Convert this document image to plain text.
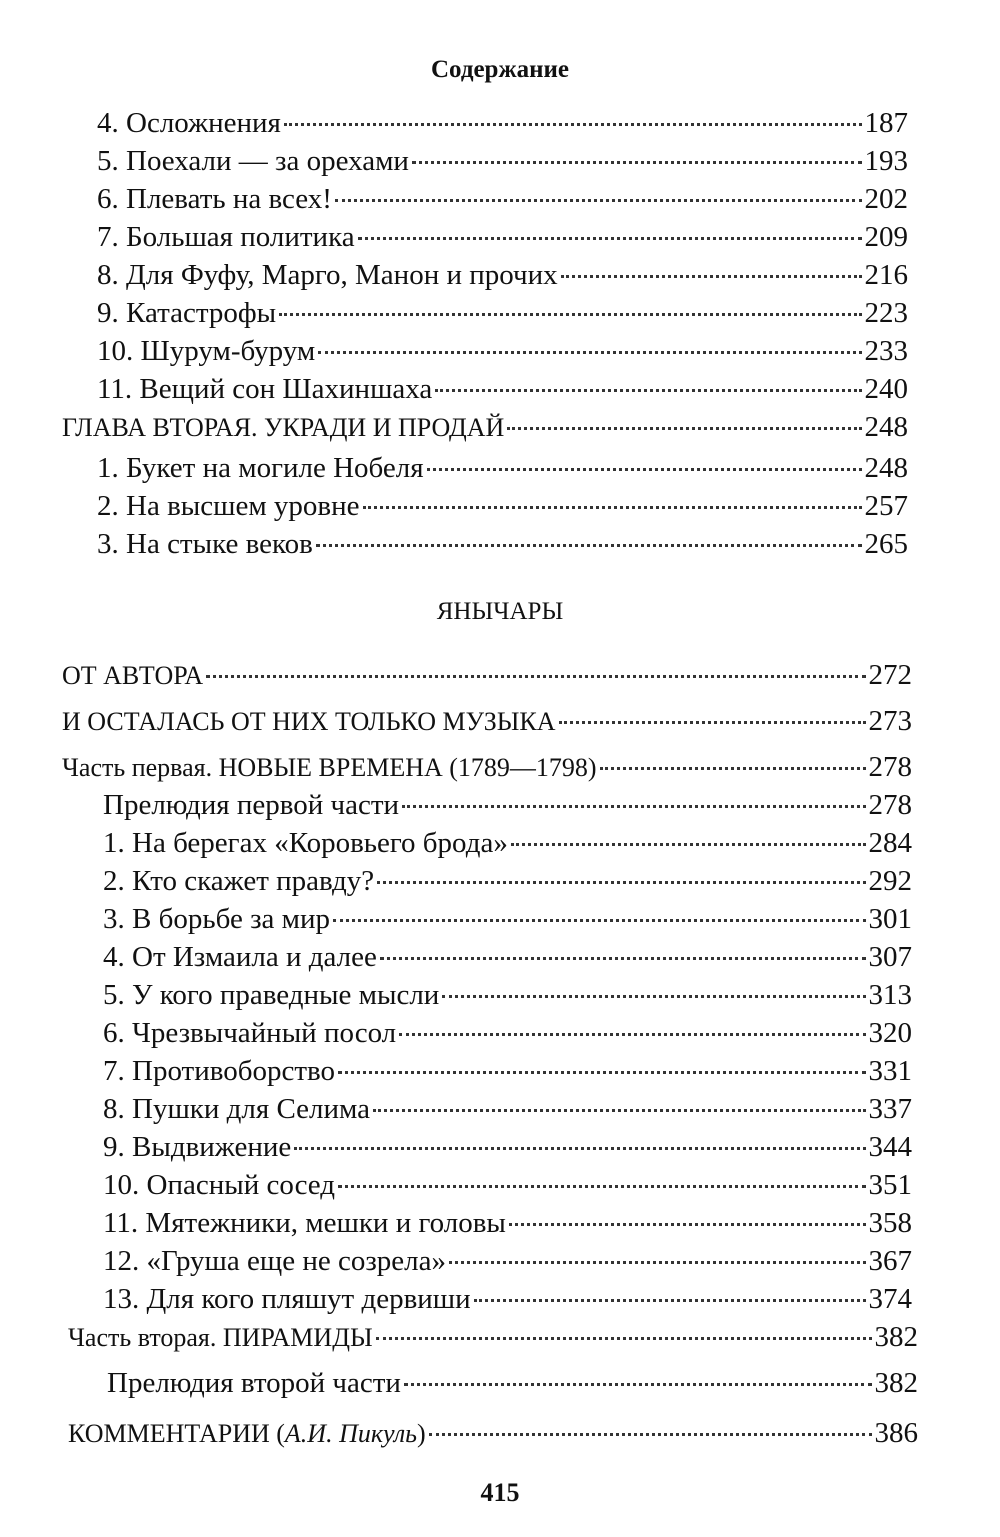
Содержание
4. Осложнения	187
5. Поехали — за орехами	193
6. Плевать на всех!	202
7. Большая политика	209
8. Для Фуфу, Марго, Манон и прочих	216
9. Катастрофы	223
10. Шурум-бурум	233
11. Вещий сон Шахиншаха	240
ГЛАВА ВТОРАЯ. УКРАДИ И ПРОДАЙ	248
1. Букет на могиле Нобеля	248
2. На высшем уровне	257
3. На стыке веков	265
ЯНЫЧАРЫ
ОТ АВТОРА	272
И ОСТАЛАСЬ ОТ НИХ ТОЛЬКО МУЗЫКА	273
Часть первая. НОВЫЕ ВРЕМЕНА (1789—1798)	278
Прелюдия первой части	278
1. На берегах «Коровьего брода»	284
2. Кто скажет правду?	292
3. В борьбе за мир	301
4. От Измаила и далее	307
5. У кого праведные мысли	313
6. Чрезвычайный посол	320
7. Противоборство	331
8. Пушки для Селима	337
9. Выдвижение	344
10. Опасный сосед	351
11. Мятежники, мешки и головы	358
12. «Груша еще не созрела»	367
13. Для кого пляшут дервиши	374
Часть вторая. ПИРАМИДЫ	382
Прелюдия второй части	382
КОММЕНТАРИИ (А.И. Пикуль)	386
415
